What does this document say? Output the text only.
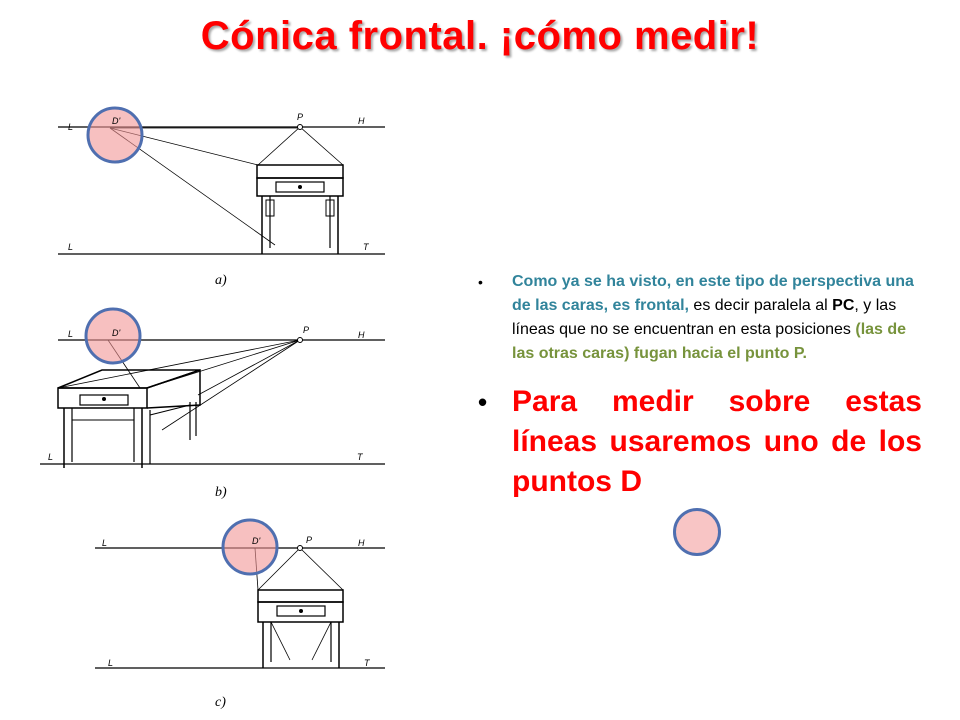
Cónica frontal. ¡cómo medir!
L
D'	P	H
L	T
a)
L	D'	P	H
L	T
b)
L	D'	P	H
L	T
c)
• Como ya se ha visto, en este tipo de perspectiva una de las caras, es frontal, es decir paralela al PC, y las líneas que no se encuentran en esta posiciones (las de las otras caras) fugan hacia el punto P.
• Para medir sobre estas líneas usaremos uno de los puntos D
